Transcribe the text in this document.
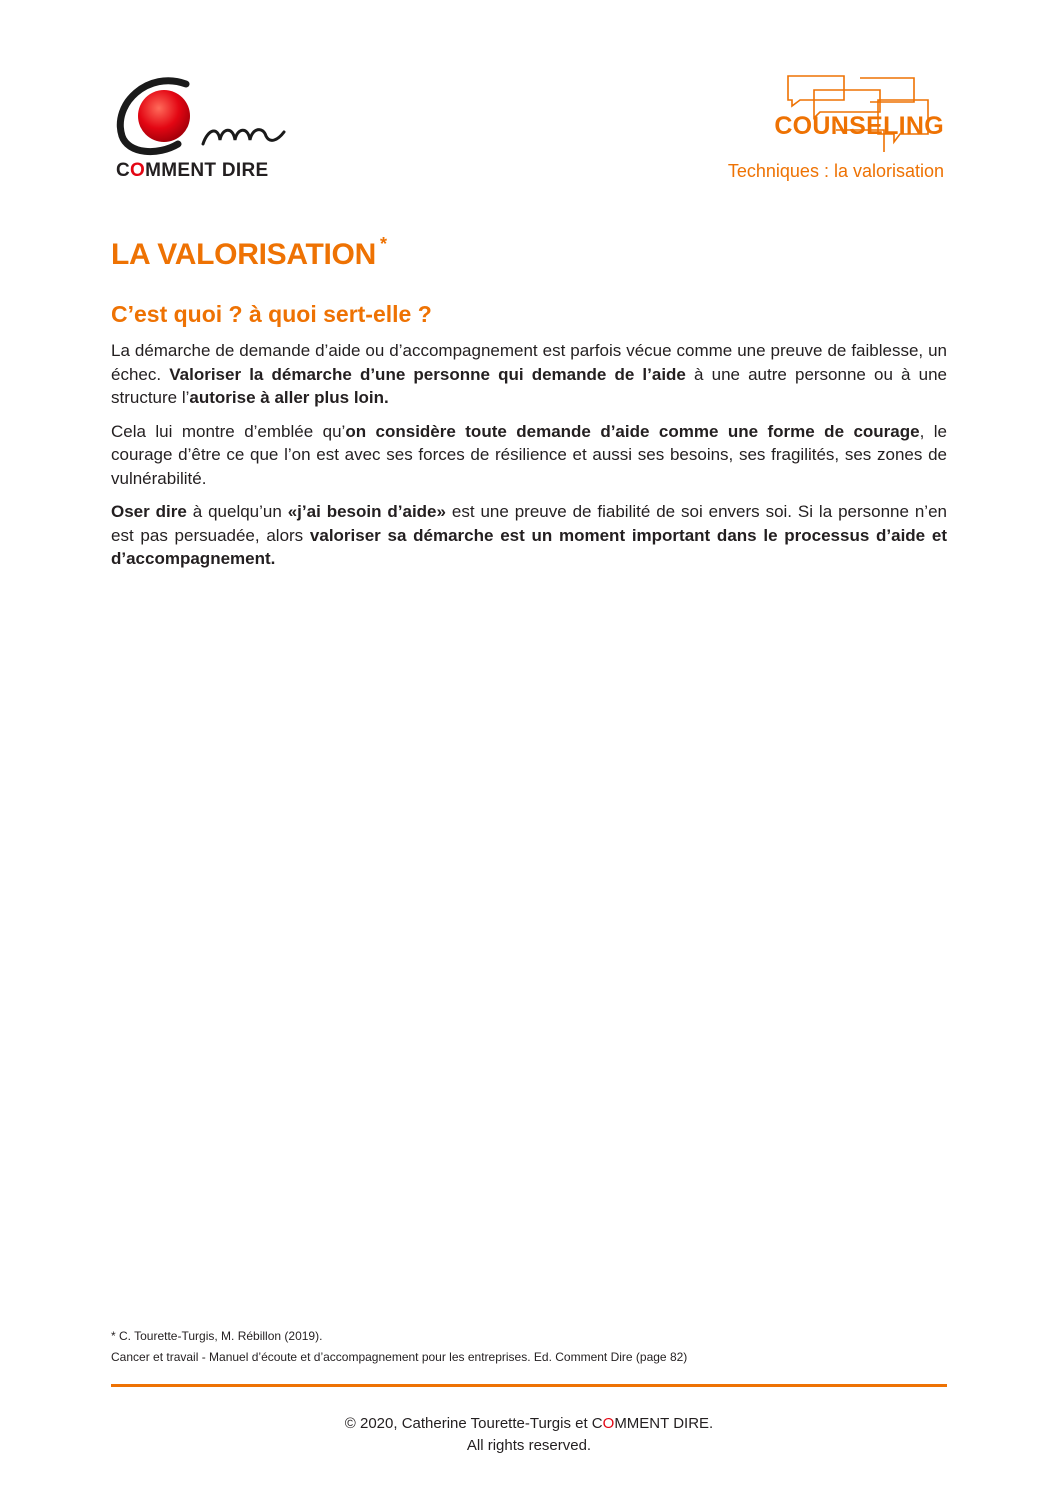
COMMENT DIRE
COUNSELING
Techniques : la valorisation
LA VALORISATION *
C’est quoi ? à quoi sert-elle ?

La démarche de demande d’aide ou d’accompagnement est parfois vécue comme une preuve de faiblesse, un échec. Valoriser la démarche d’une personne qui demande de l’aide à une autre personne ou à une structure l’autorise à aller plus loin.

Cela lui montre d’emblée qu’on considère toute demande d’aide comme une forme de courage, le courage d’être ce que l’on est avec ses forces de résilience et aussi ses besoins, ses fragilités, ses zones de vulnérabilité.

Oser dire à quelqu’un «j’ai besoin d’aide» est une preuve de fiabilité de soi envers soi. Si la personne n’en est pas persuadée, alors valoriser sa démarche est un moment important dans le processus d’aide et d’accompagnement.

* C. Tourette-Turgis, M. Rébillon (2019).
Cancer et travail - Manuel d’écoute et d’accompagnement pour les entreprises. Ed. Comment Dire (page 82)
© 2020, Catherine Tourette-Turgis et COMMENT DIRE.
All rights reserved.
